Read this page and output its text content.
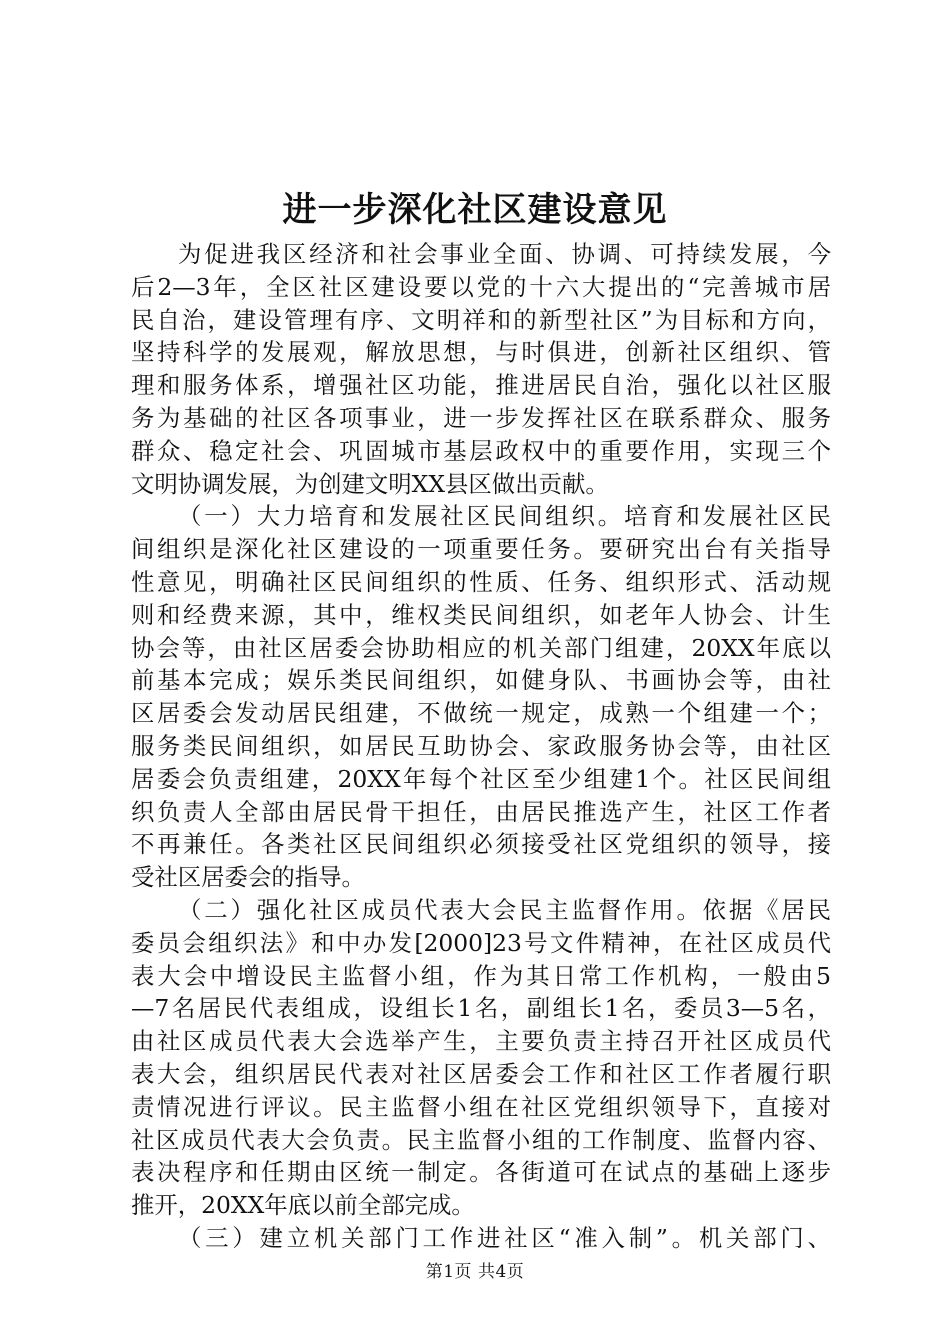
进一步深化社区建设意见
为促进我区经济和社会事业全面、协调、可持续发展，今
后2—3年，全区社区建设要以党的十六大提出的“完善城市居
民自治，建设管理有序、文明祥和的新型社区”为目标和方向，
坚持科学的发展观，解放思想，与时俱进，创新社区组织、管
理和服务体系，增强社区功能，推进居民自治，强化以社区服
务为基础的社区各项事业，进一步发挥社区在联系群众、服务
群众、稳定社会、巩固城市基层政权中的重要作用，实现三个
文明协调发展，为创建文明XX县区做出贡献。
（一）大力培育和发展社区民间组织。培育和发展社区民
间组织是深化社区建设的一项重要任务。要研究出台有关指导
性意见，明确社区民间组织的性质、任务、组织形式、活动规
则和经费来源，其中，维权类民间组织，如老年人协会、计生
协会等，由社区居委会协助相应的机关部门组建，20XX年底以
前基本完成；娱乐类民间组织，如健身队、书画协会等，由社
区居委会发动居民组建，不做统一规定，成熟一个组建一个；
服务类民间组织，如居民互助协会、家政服务协会等，由社区
居委会负责组建，20XX年每个社区至少组建1个。社区民间组
织负责人全部由居民骨干担任，由居民推选产生，社区工作者
不再兼任。各类社区民间组织必须接受社区党组织的领导，接
受社区居委会的指导。
（二）强化社区成员代表大会民主监督作用。依据《居民
委员会组织法》和中办发[2000]23号文件精神，在社区成员代
表大会中增设民主监督小组，作为其日常工作机构，一般由5
—7名居民代表组成，设组长1名，副组长1名，委员3—5名，
由社区成员代表大会选举产生，主要负责主持召开社区成员代
表大会，组织居民代表对社区居委会工作和社区工作者履行职
责情况进行评议。民主监督小组在社区党组织领导下，直接对
社区成员代表大会负责。民主监督小组的工作制度、监督内容、
表决程序和任期由区统一制定。各街道可在试点的基础上逐步
推开，20XX年底以前全部完成。
（三）建立机关部门工作进社区“准入制”。机关部门、
第1页 共4页
